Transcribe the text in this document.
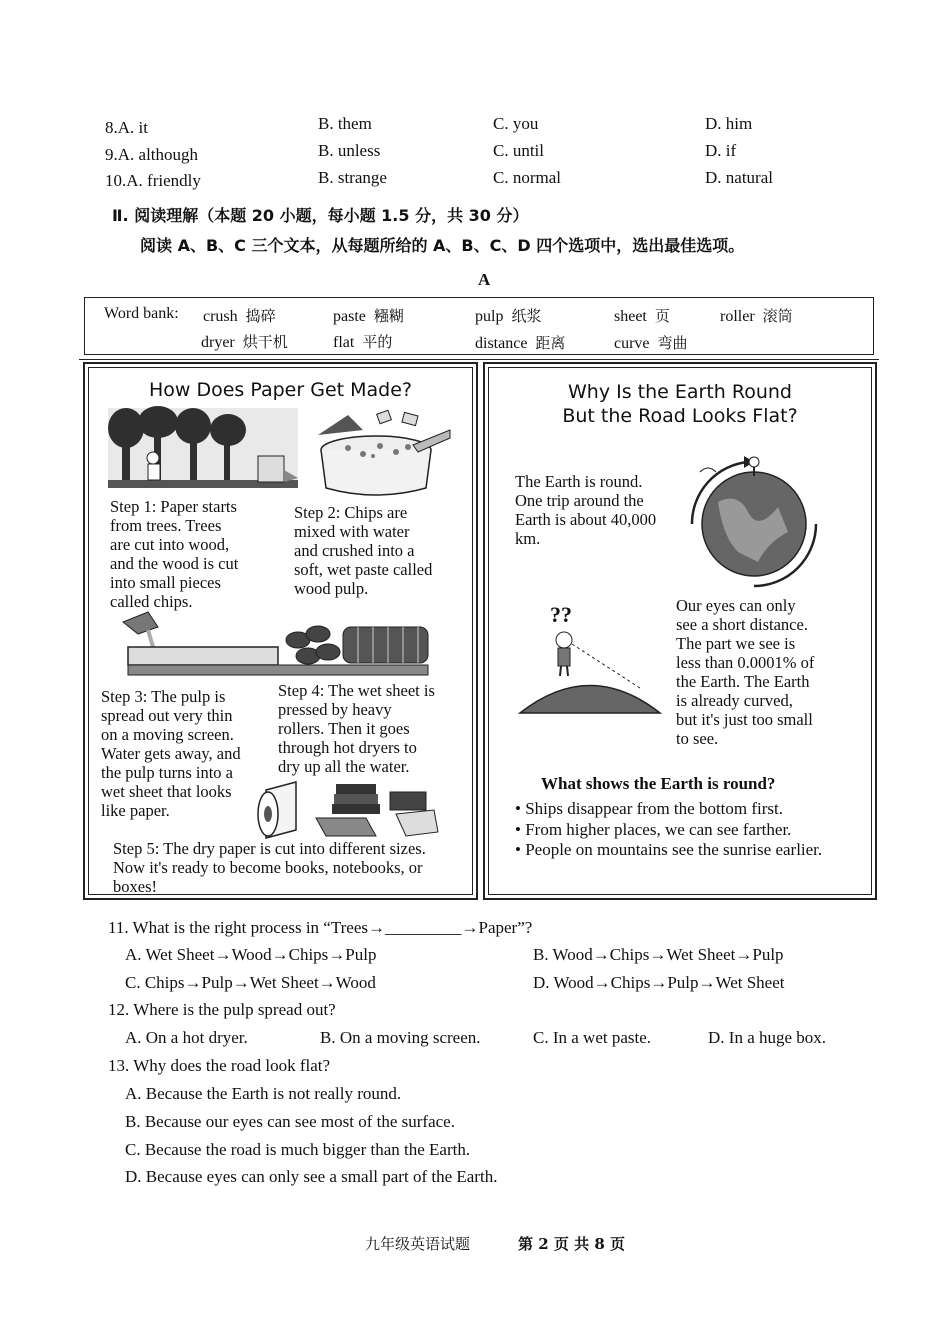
8.A. it	B. them	C. you	D. him
9.A. although	B. unless	C. until	D. if
10.A. friendly	B. strange	C. normal	D. natural
Ⅱ. 阅读理解（本题 20 小题，每小题 1.5 分，共 30 分）
阅读 A、B、C 三个文本，从每题所给的 A、B、C、D 四个选项中，选出最佳选项。
A
Word bank: crush 捣碎	paste 糨糊	pulp 纸浆	sheet 页	roller 滚筒
dryer 烘干机	flat 平的	distance 距离	curve 弯曲
How Does Paper Get Made?
Step 1: Paper starts
from trees. Trees
are cut into wood,
and the wood is cut
into small pieces
called chips.
Step 2: Chips are
mixed with water
and crushed into a
soft, wet paste called
wood pulp.
Step 3: The pulp is
spread out very thin
on a moving screen.
Water gets away, and
the pulp turns into a
wet sheet that looks
like paper.
Step 4: The wet sheet is
pressed by heavy
rollers. Then it goes
through hot dryers to
dry up all the water.
Step 5: The dry paper is cut into different sizes.
Now it's ready to become books, notebooks, or
boxes!
Why Is the Earth Round
But the Road Looks Flat?
The Earth is round.
One trip around the
Earth is about 40,000
km.
??	Our eyes can only
see a short distance.
The part we see is
less than 0.0001% of
the Earth. The Earth
is already curved,
but it's just too small
to see.
What shows the Earth is round?
• Ships disappear from the bottom first.
• From higher places, we can see farther.
• People on mountains see the sunrise earlier.
11. What is the right process in “Trees→_________→Paper”?
A. Wet Sheet→Wood→Chips→Pulp	B. Wood→Chips→Wet Sheet→Pulp
C. Chips→Pulp→Wet Sheet→Wood	D. Wood→Chips→Pulp→Wet Sheet
12. Where is the pulp spread out?
A. On a hot dryer.	B. On a moving screen.	C. In a wet paste.	D. In a huge box.
13. Why does the road look flat?
A. Because the Earth is not really round.
B. Because our eyes can see most of the surface.
C. Because the road is much bigger than the Earth.
D. Because eyes can only see a small part of the Earth.
九年级英语试题	第 2 页 共 8 页
